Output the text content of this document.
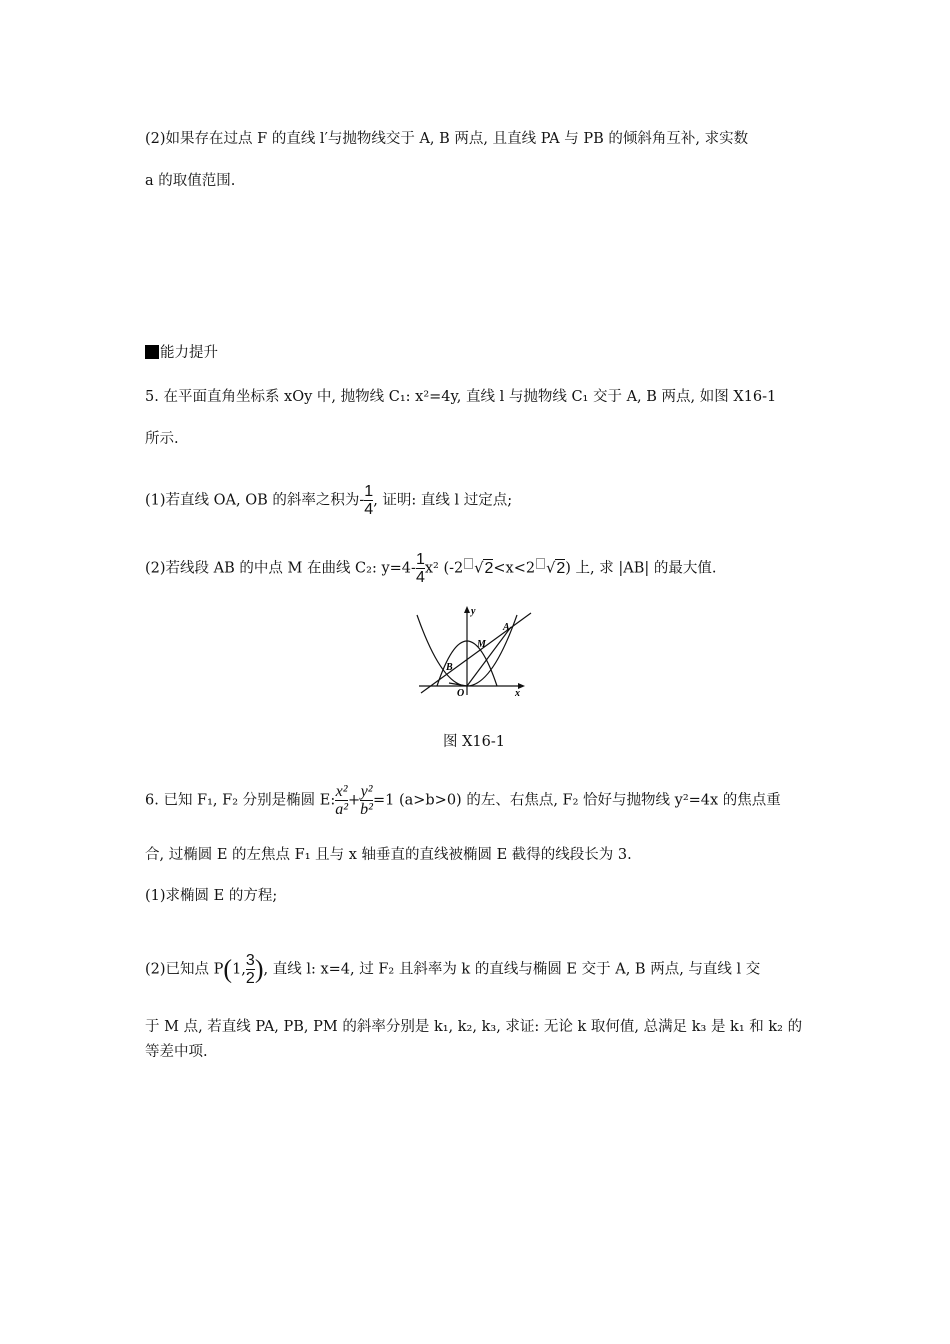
(2)如果存在过点 F 的直线 l′与抛物线交于 A, B 两点, 且直线 PA 与 PB 的倾斜角互补, 求实数
a 的取值范围.
能力提升
5. 在平面直角坐标系 xOy 中, 抛物线 C₁: x²=4y, 直线 l 与抛物线 C₁ 交于 A, B 两点, 如图 X16-1
所示.
(1)若直线 OA, OB 的斜率之积为- $\frac{1}{4}$ , 证明: 直线 l 过定点;
(2)若线段 AB 的中点 M 在曲线 C₂: $y=4- \frac{1}{4} x^2$ (-2 √2<x<2 √2) 上, 求 |AB| 的最大值.
y
x
O
A
B
M
图 X16-1
6. 已知 F₁, F₂ 分别是椭圆 E: $\frac{\text{x²}}{\text{a²}} + \frac{\text{y²}}{\text{b²}} =1$ (a>b>0) 的左、右焦点, F₂ 恰好与抛物线 y²=4x 的焦点重
合, 过椭圆 E 的左焦点 F₁ 且与 x 轴垂直的直线被椭圆 E 截得的线段长为 3.
(1)求椭圆 E 的方程;
(2)已知点 P(1, $\frac{3}{2}$ ), 直线 l: x=4, 过 F₂ 且斜率为 k 的直线与椭圆 E 交于 A, B 两点, 与直线 l 交
于 M 点, 若直线 PA, PB, PM 的斜率分别是 k₁, k₂, k₃, 求证: 无论 k 取何值, 总满足 k₃ 是 k₁ 和 k₂ 的
等差中项.
